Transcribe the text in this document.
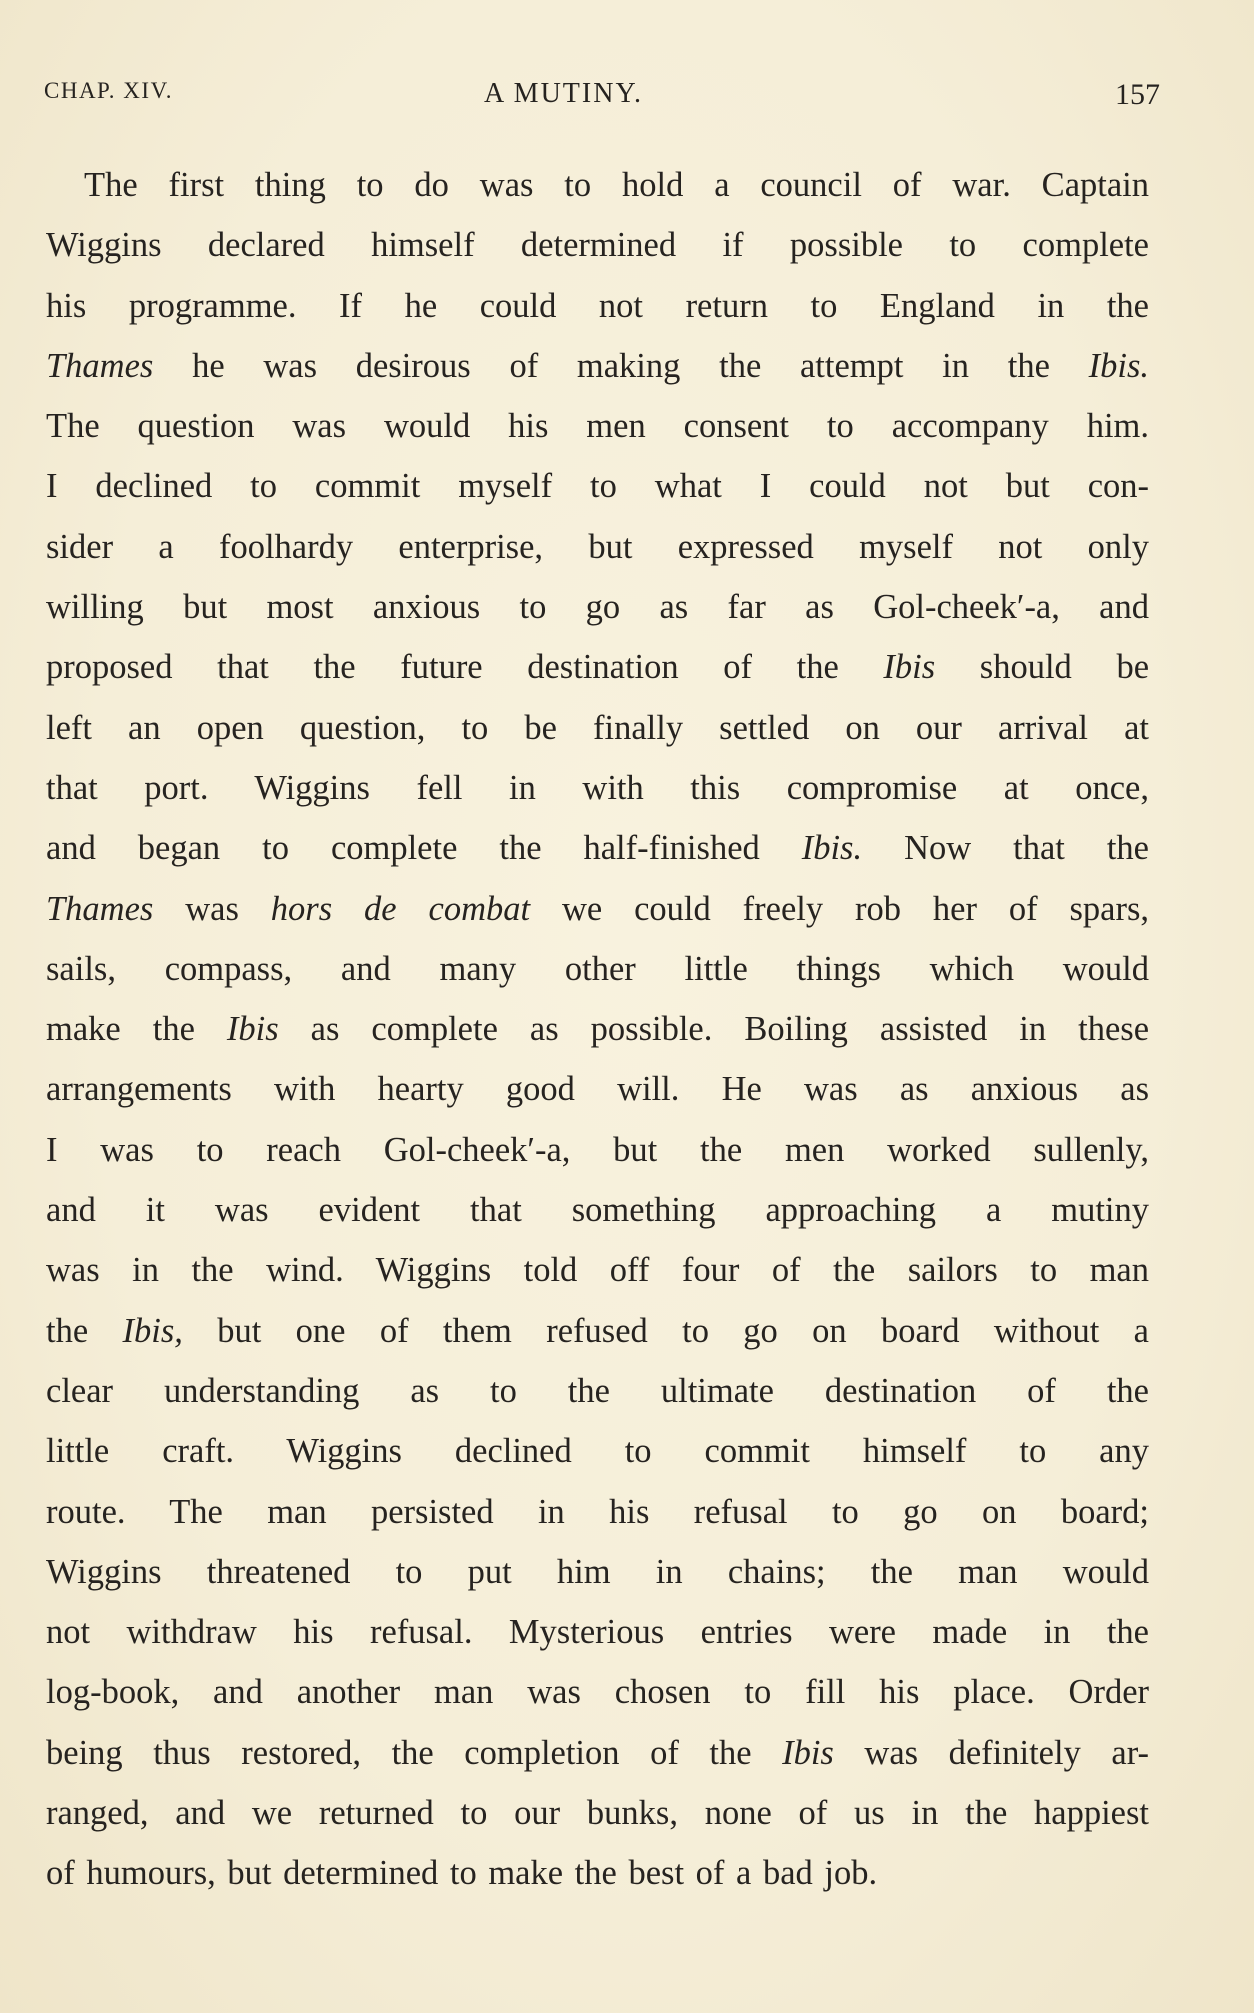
CHAP. XIV.	A MUTINY.	157
The first thing to do was to hold a council of war. Captain
Wiggins declared himself determined if possible to complete
his programme. If he could not return to England in the
Thames he was desirous of making the attempt in the Ibis.
The question was would his men consent to accompany him.
I declined to commit myself to what I could not but con-
sider a foolhardy enterprise, but expressed myself not only
willing but most anxious to go as far as Gol-cheek′-a, and
proposed that the future destination of the Ibis should be
left an open question, to be finally settled on our arrival at
that port. Wiggins fell in with this compromise at once,
and began to complete the half-finished Ibis. Now that the
Thames was hors de combat we could freely rob her of spars,
sails, compass, and many other little things which would
make the Ibis as complete as possible. Boiling assisted in these
arrangements with hearty good will. He was as anxious as
I was to reach Gol-cheek′-a, but the men worked sullenly,
and it was evident that something approaching a mutiny
was in the wind. Wiggins told off four of the sailors to man
the Ibis, but one of them refused to go on board without a
clear understanding as to the ultimate destination of the
little craft. Wiggins declined to commit himself to any
route. The man persisted in his refusal to go on board;
Wiggins threatened to put him in chains; the man would
not withdraw his refusal. Mysterious entries were made in the
log-book, and another man was chosen to fill his place. Order
being thus restored, the completion of the Ibis was definitely ar-
ranged, and we returned to our bunks, none of us in the happiest
of humours, but determined to make the best of a bad job.
